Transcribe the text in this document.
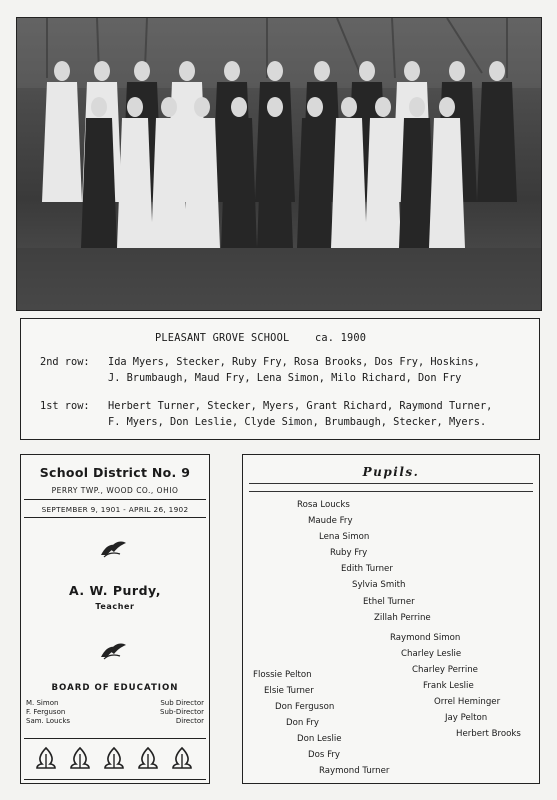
PLEASANT GROVE SCHOOL    ca. 1900
2nd row: Ida Myers, Stecker, Ruby Fry, Rosa Brooks, Dos Fry, Hoskins,
J. Brumbaugh, Maud Fry, Lena Simon, Milo Richard, Don Fry
1st row: Herbert Turner, Stecker, Myers, Grant Richard, Raymond Turner,
F. Myers, Don Leslie, Clyde Simon, Brumbaugh, Stecker, Myers.
School District No. 9
PERRY TWP., WOOD CO., OHIO
SEPTEMBER 9, 1901 - APRIL 26, 1902
A. W. Purdy,
Teacher
BOARD OF EDUCATION
M. Simon	Sub Director
F. Ferguson	Sub-Director
Sam. Loucks	Director
Pupils.
Rosa Loucks
Maude Fry
Lena Simon
Ruby Fry
Edith Turner
Sylvia Smith
Ethel Turner
Zillah Perrine
Raymond Simon
Charley Leslie
Charley Perrine
Frank Leslie
Orrel Heminger
Jay Pelton
Herbert Brooks
Flossie Pelton
Elsie Turner
Don Ferguson
Don Fry
Don Leslie
Dos Fry
Raymond Turner
